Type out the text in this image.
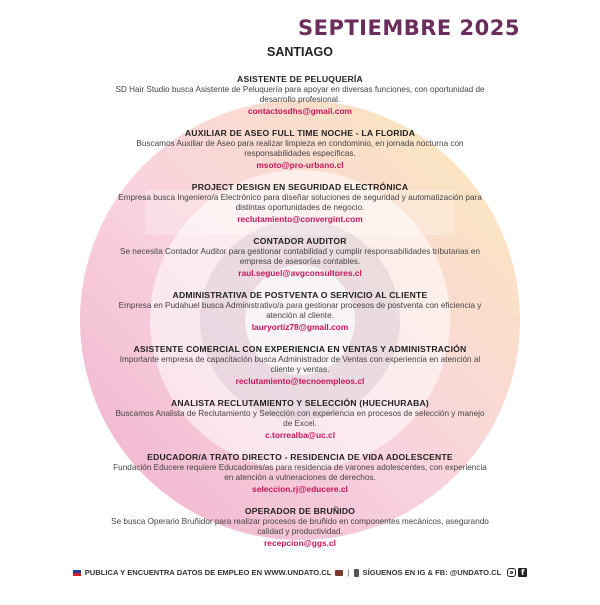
SEPTIEMBRE 2025
SANTIAGO
ASISTENTE DE PELUQUERÍA
SD Hair Studio busca Asistente de Peluquería para apoyar en diversas funciones, con oportunidad de desarrollo profesional.
contactosdhs@gmail.com
AUXILIAR DE ASEO FULL TIME NOCHE - LA FLORIDA
Buscamos Auxiliar de Aseo para realizar limpieza en condominio, en jornada nocturna con responsabilidades específicas.
msoto@pro-urbano.cl
PROJECT DESIGN EN SEGURIDAD ELECTRÓNICA
Empresa busca Ingeniero/a Electrónico para diseñar soluciones de seguridad y automatización para distintas oportunidades de negocio.
reclutamiento@convergint.com
CONTADOR AUDITOR
Se necesita Contador Auditor para gestionar contabilidad y cumplir responsabilidades tributarias en empresa de asesorías contables.
raul.seguel@avgconsultores.cl
ADMINISTRATIVA DE POSTVENTA O SERVICIO AL CLIENTE
Empresa en Pudahuel busca Administrativo/a para gestionar procesos de postventa con eficiencia y atención al cliente.
lauryortiz78@gmail.com
ASISTENTE COMERCIAL CON EXPERIENCIA EN VENTAS Y ADMINISTRACIÓN
Importante empresa de capacitación busca Administrador de Ventas con experiencia en atención al cliente y ventas.
reclutamiento@tecnoempleos.cl
ANALISTA RECLUTAMIENTO Y SELECCIÓN (HUECHURABA)
Buscamos Analista de Reclutamiento y Selección con experiencia en procesos de selección y manejo de Excel.
c.torrealba@uc.cl
EDUCADOR/A TRATO DIRECTO - RESIDENCIA DE VIDA ADOLESCENTE
Fundación Educere requiere Educadores/as para residencia de varones adolescentes, con experiencia en atención a vulneraciones de derechos.
seleccion.rj@educere.cl
OPERADOR DE BRUÑIDO
Se busca Operario Bruñidor para realizar procesos de bruñido en componentes mecánicos, asegurando calidad y productividad.
recepcion@ggs.cl
PUBLICA Y ENCUENTRA DATOS DE EMPLEO EN WWW.UNDATO.CL | SÍGUENOS EN IG & FB: @UNDATO.CL	f
